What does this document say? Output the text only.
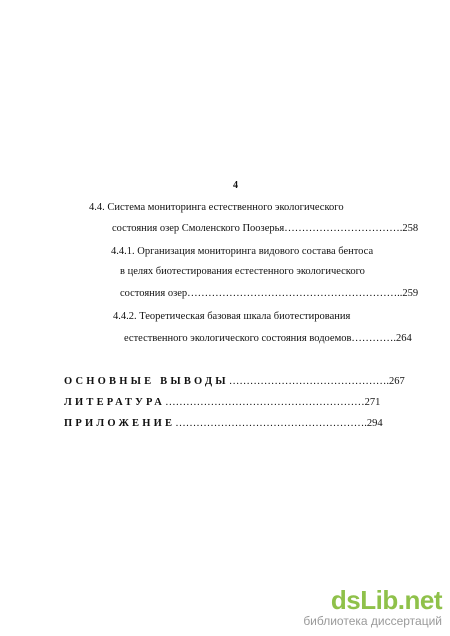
4
4.4. Система мониторинга естественного экологического
состояния озер Смоленского Поозерья…………………………….258
4.4.1. Организация мониторинга видового состава бентоса
в целях биотестирования естестенного экологического
состояния озер……………………………………………………..259
4.4.2. Теоретическая базовая шкала биотестирования
естественного экологического состояния водоемов………….264
ОСНОВНЫЕ ВЫВОДЫ……………………………………….267
ЛИТЕРАТУРА…………………………………………………271
ПРИЛОЖЕНИЕ……………………………………………….294
dsLib.net
библиотека диссертаций
